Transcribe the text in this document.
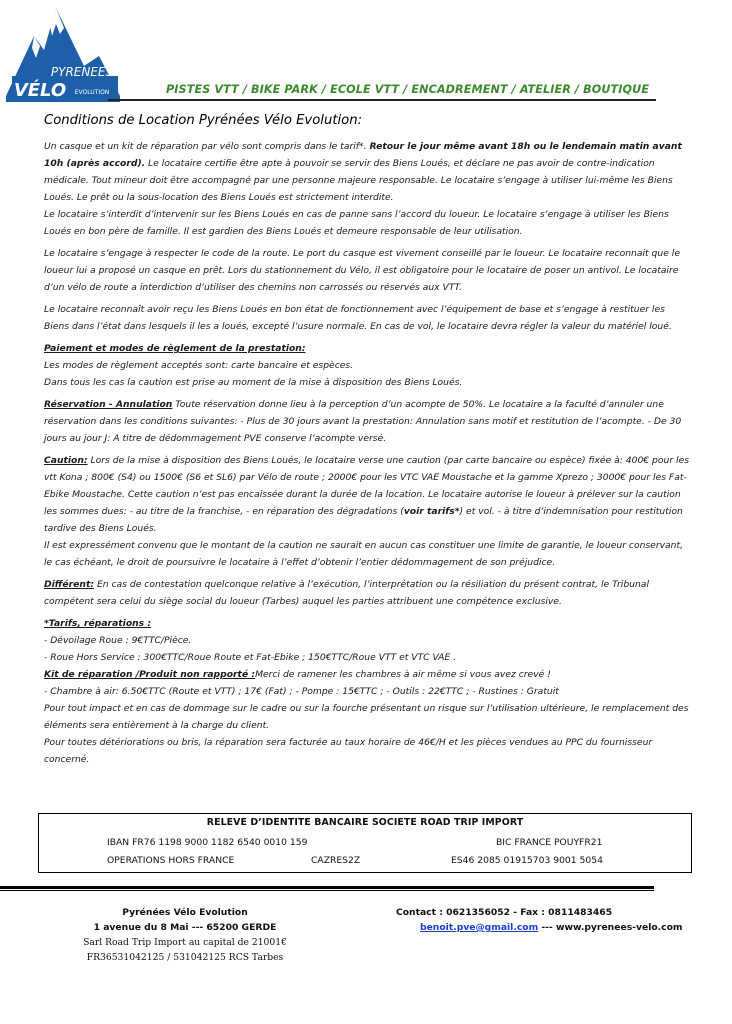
PYRENEES
VÉLO EVOLUTION	PISTES VTT / BIKE PARK / ECOLE VTT / ENCADREMENT / ATELIER / BOUTIQUE
Conditions de Location Pyrénées Vélo Evolution:

Un casque et un kit de réparation par vélo sont compris dans le tarif*. Retour le jour même avant 18h ou le lendemain matin avant 10h (après accord). Le locataire certifie être apte à pouvoir se servir des Biens Loués, et déclare ne pas avoir de contre-indication médicale. Tout mineur doit être accompagné par une personne majeure responsable. Le locataire s’engage à utiliser lui-même les Biens Loués. Le prêt ou la sous-location des Biens Loués est strictement interdite.

Le locataire s’interdit d’intervenir sur les Biens Loués en cas de panne sans l’accord du loueur. Le locataire s’engage à utiliser les Biens Loués en bon père de famille. Il est gardien des Biens Loués et demeure responsable de leur utilisation.

Le locataire s’engage à respecter le code de la route. Le port du casque est vivement conseillé par le loueur. Le locataire reconnait que le loueur lui a proposé un casque en prêt. Lors du stationnement du Vélo, il est obligatoire pour le locataire de poser un antivol. Le locataire d’un vélo de route a interdiction d’utiliser des chemins non carrossés ou réservés aux VTT.
Le locataire reconnaît avoir reçu les Biens Loués en bon état de fonctionnement avec l’équipement de base et s’engage à restituer les Biens dans l’état dans lesquels il les a loués, excepté l’usure normale. En cas de vol, le locataire devra régler la valeur du matériel loué.

Paiement et modes de règlement de la prestation:

Les modes de règlement acceptés sont: carte bancaire et espèces.

Dans tous les cas la caution est prise au moment de la mise à disposition des Biens Loués.

Réservation - Annulation Toute réservation donne lieu à la perception d’un acompte de 50%. Le locataire a la faculté d’annuler une réservation dans les conditions suivantes: - Plus de 30 jours avant la prestation: Annulation sans motif et restitution de l’acompte. - De 30 jours au jour J: A titre de dédommagement PVE conserve l’acompte versé.

Caution: Lors de la mise à disposition des Biens Loués, le locataire verse une caution (par carte bancaire ou espèce) fixée à: 400€ pour les vtt Kona ; 800€ (S4) ou 1500€ (S6 et SL6) par Vélo de route ; 2000€ pour les VTC VAE Moustache et la gamme Xprezo ; 3000€ pour les Fat-Ebike Moustache. Cette caution n’est pas encaissée durant la durée de la location. Le locataire autorise le loueur à prélever sur la caution les sommes dues: - au titre de la franchise, - en réparation des dégradations (voir tarifs*) et vol. - à titre d’indemnisation pour restitution tardive des Biens Loués.

Il est expressément convenu que le montant de la caution ne saurait en aucun cas constituer une limite de garantie, le loueur conservant, le cas échéant, le droit de poursuivre le locataire à l’effet d’obtenir l’entier dédommagement de son préjudice.

Différent: En cas de contestation quelconque relative à l’exécution, l’interprétation ou la résiliation du présent contrat, le Tribunal compétent sera celui du siège social du loueur (Tarbes) auquel les parties attribuent une compétence exclusive.

*Tarifs, réparations :

- Dévoilage Roue : 9€TTC/Pièce.

- Roue Hors Service : 300€TTC/Roue Route et Fat-Ebike ; 150€TTC/Roue VTT et VTC VAE .

Kit de réparation /Produit non rapporté :Merci de ramener les chambres à air même si vous avez crevé !

- Chambre à air: 6.50€TTC (Route et VTT) ; 17€ (Fat) ; - Pompe : 15€TTC ; - Outils : 22€TTC ; - Rustines : Gratuit

Pour tout impact et en cas de dommage sur le cadre ou sur la fourche présentant un risque sur l’utilisation ultérieure, le remplacement des éléments sera entièrement à la charge du client.

Pour toutes détériorations ou bris, la réparation sera facturée au taux horaire de 46€/H et les pièces vendues au PPC du fournisseur concerné.

RELEVE D’IDENTITE BANCAIRE SOCIETE ROAD TRIP IMPORT
IBAN FR76 1198 9000 1182 6540 0010 159	BIC FRANCE POUYFR21
OPERATIONS HORS FRANCE	CAZRES2Z	ES46 2085 01915703 9001 5054
Pyrénées Vélo Evolution
1 avenue du 8 Mai --- 65200 GERDE
Sarl Road Trip Import au capital de 21001€
FR36531042125 / 531042125 RCS Tarbes
Contact : 0621356052 - Fax : 0811483465
benoit.pve@gmail.com --- www.pyrenees-velo.com
